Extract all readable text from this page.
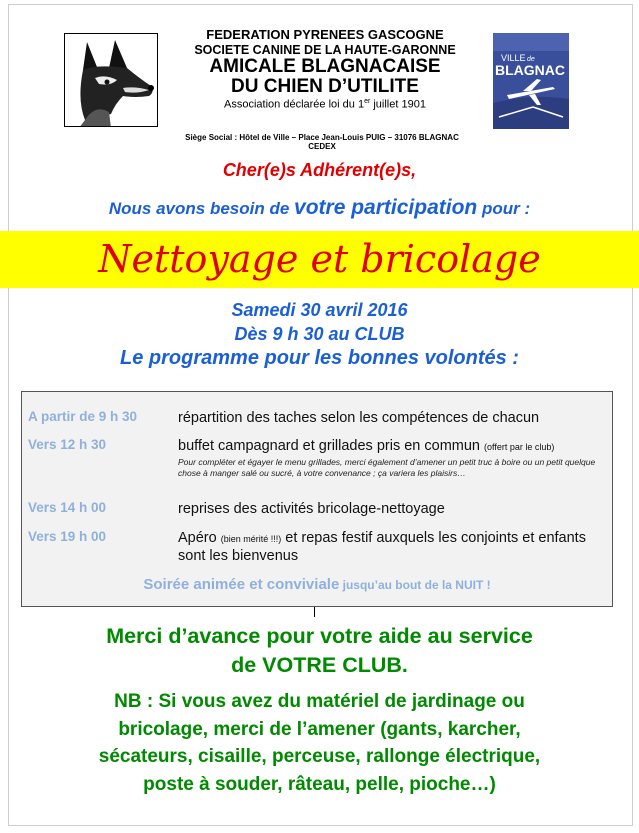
FEDERATION PYRENEES GASCOGNE
SOCIETE CANINE DE LA HAUTE-GARONNE
AMICALE BLAGNACAISE
DU CHIEN D’UTILITE
Association déclarée loi du 1er juillet 1901
Siège Social : Hôtel de Ville – Place Jean-Louis PUIG – 31076 BLAGNAC CEDEX
VILLE de
BLAGNAC
Cher(e)s Adhérent(e)s,
Nous avons besoin de votre participation pour :
Nettoyage et bricolage
Samedi 30 avril 2016
Dès 9 h 30 au CLUB
Le programme pour les bonnes volontés :
A partir de 9 h 30	répartition des taches selon les compétences de chacun
Vers 12 h 30	buffet campagnard et grillades pris en commun (offert par le club)
Pour compléter et égayer le menu grillades, merci également d’amener un petit truc à boire ou un petit quelque chose à manger salé ou sucré, à votre convenance ; ça variera les plaisirs…
Vers 14 h 00	reprises des activités bricolage-nettoyage
Vers 19 h 00	Apéro (bien mérité !!!) et repas festif auxquels les conjoints et enfants sont les bienvenus
Soirée animée et conviviale jusqu’au bout de la NUIT !
Merci d’avance pour votre aide au service
de VOTRE CLUB.
NB : Si vous avez du matériel de jardinage ou
bricolage, merci de l’amener (gants, karcher,
sécateurs, cisaille, perceuse, rallonge électrique,
poste à souder, râteau, pelle, pioche…)
